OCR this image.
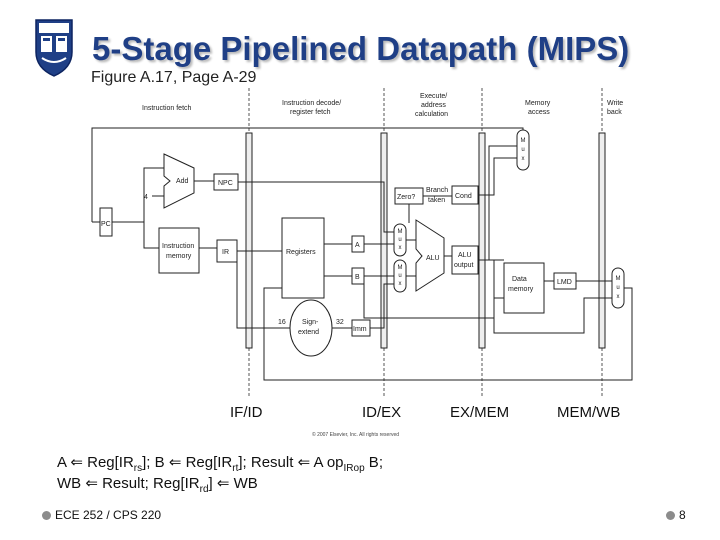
5-Stage Pipelined Datapath (MIPS)
Figure A.17, Page A-29
Instruction fetch
Instruction decode/
register fetch
Execute/
address
calculation
Memory
access
Write
back
PC
Add
4
NPC
Instruction
memory
IR	Registers
A
B
Sign-
extend
16	32
Imm
Zero?
Branch
taken
Cond
ALU	ALU
output
Data
memory
LMD
M
u
x
M
u
x
M
u
x
M
u
x
IF/ID	ID/EX	EX/MEM	MEM/WB
© 2007 Elsevier, Inc. All rights reserved
A ⇐ $Reg[IR_{rs}]$; B ⇐ $Reg[IR_{rt}]$; Result ⇐ A $op_{IRop}$ B;
WB ⇐ Result; $Reg[IR_{rd}]$ ⇐ WB
ECE 252 / CPS 220	8
